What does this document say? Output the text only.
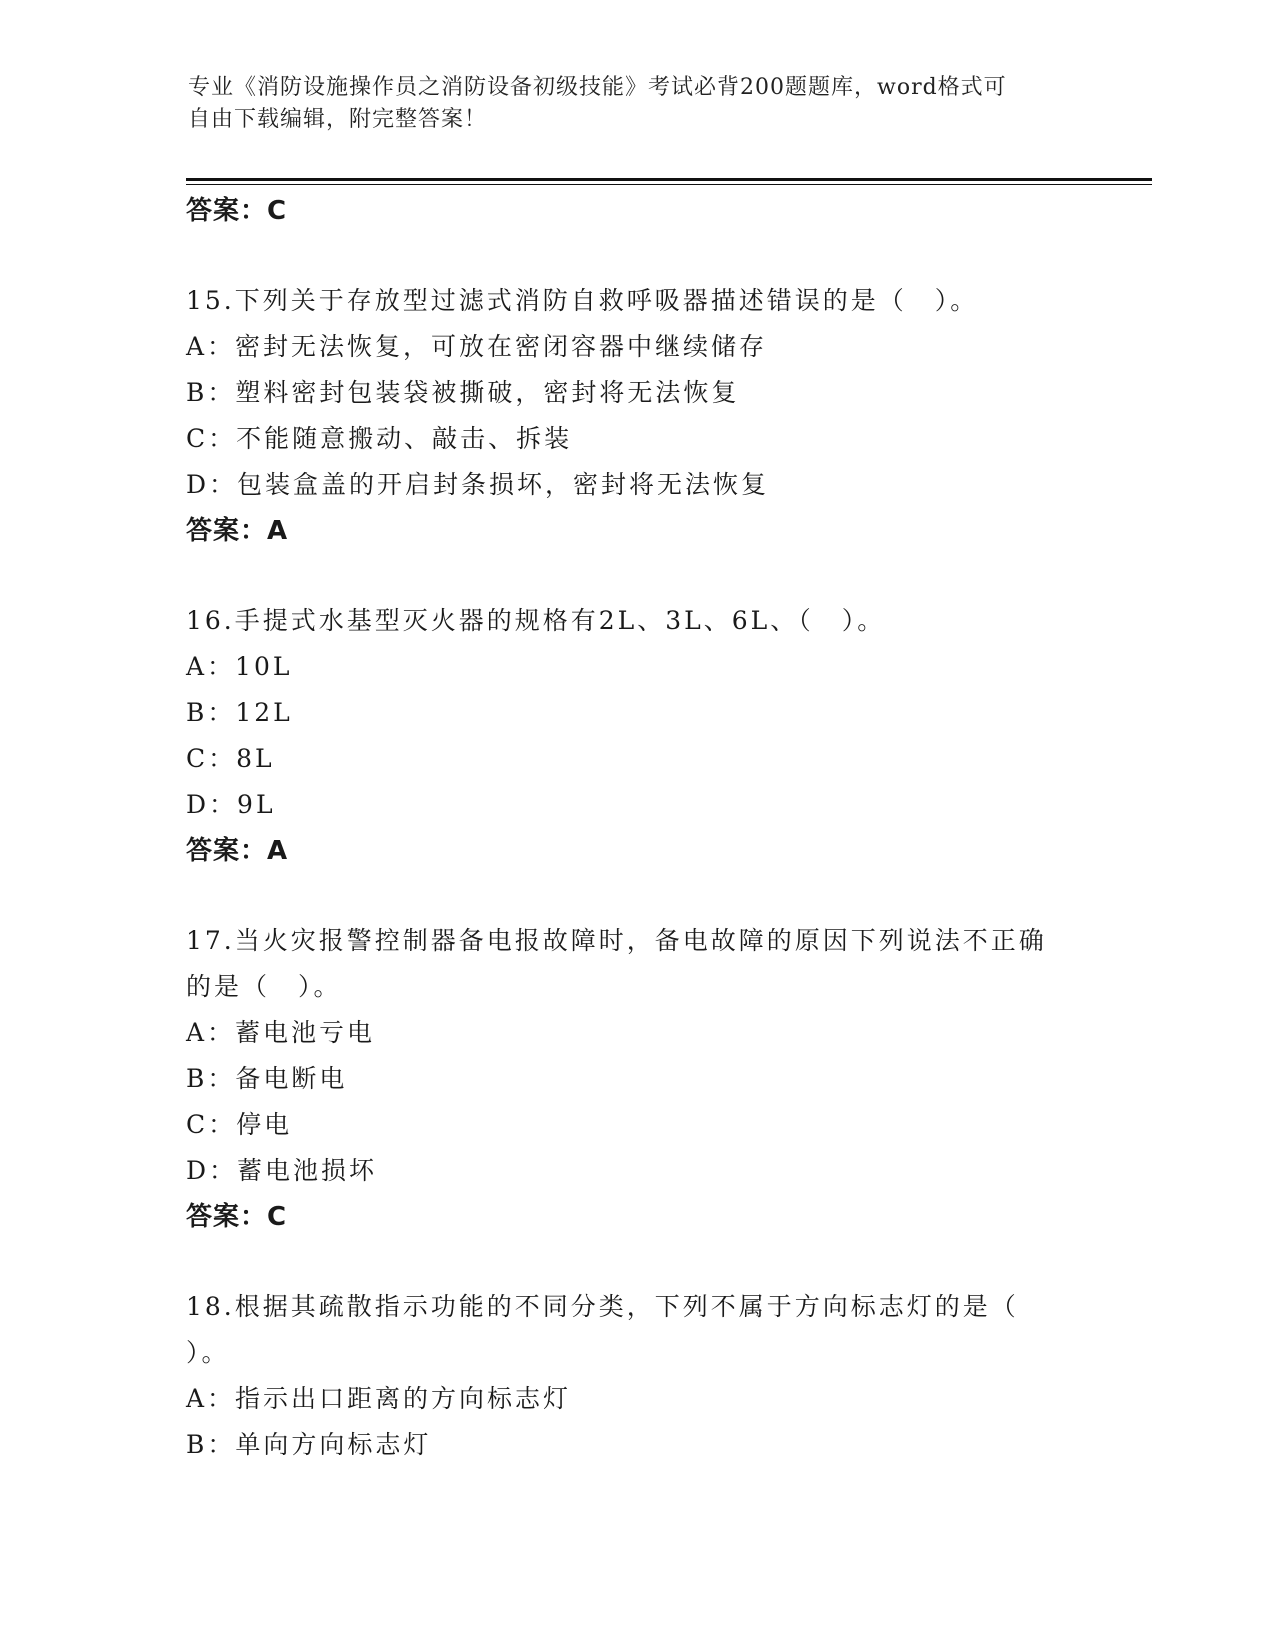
专业《消防设施操作员之消防设备初级技能》考试必背200题题库，word格式可
自由下载编辑，附完整答案！
答案：C
15.下列关于存放型过滤式消防自救呼吸器描述错误的是（　）。
A：密封无法恢复，可放在密闭容器中继续储存
B：塑料密封包装袋被撕破，密封将无法恢复
C：不能随意搬动、敲击、拆装
D：包装盒盖的开启封条损坏，密封将无法恢复
答案：A
16.手提式水基型灭火器的规格有2L、3L、6L、（　）。
A：10L
B：12L
C：8L
D：9L
答案：A
17.当火灾报警控制器备电报故障时，备电故障的原因下列说法不正确
的是（　）。
A：蓄电池亏电
B：备电断电
C：停电
D：蓄电池损坏
答案：C
18.根据其疏散指示功能的不同分类，下列不属于方向标志灯的是（
）。
A：指示出口距离的方向标志灯
B：单向方向标志灯
